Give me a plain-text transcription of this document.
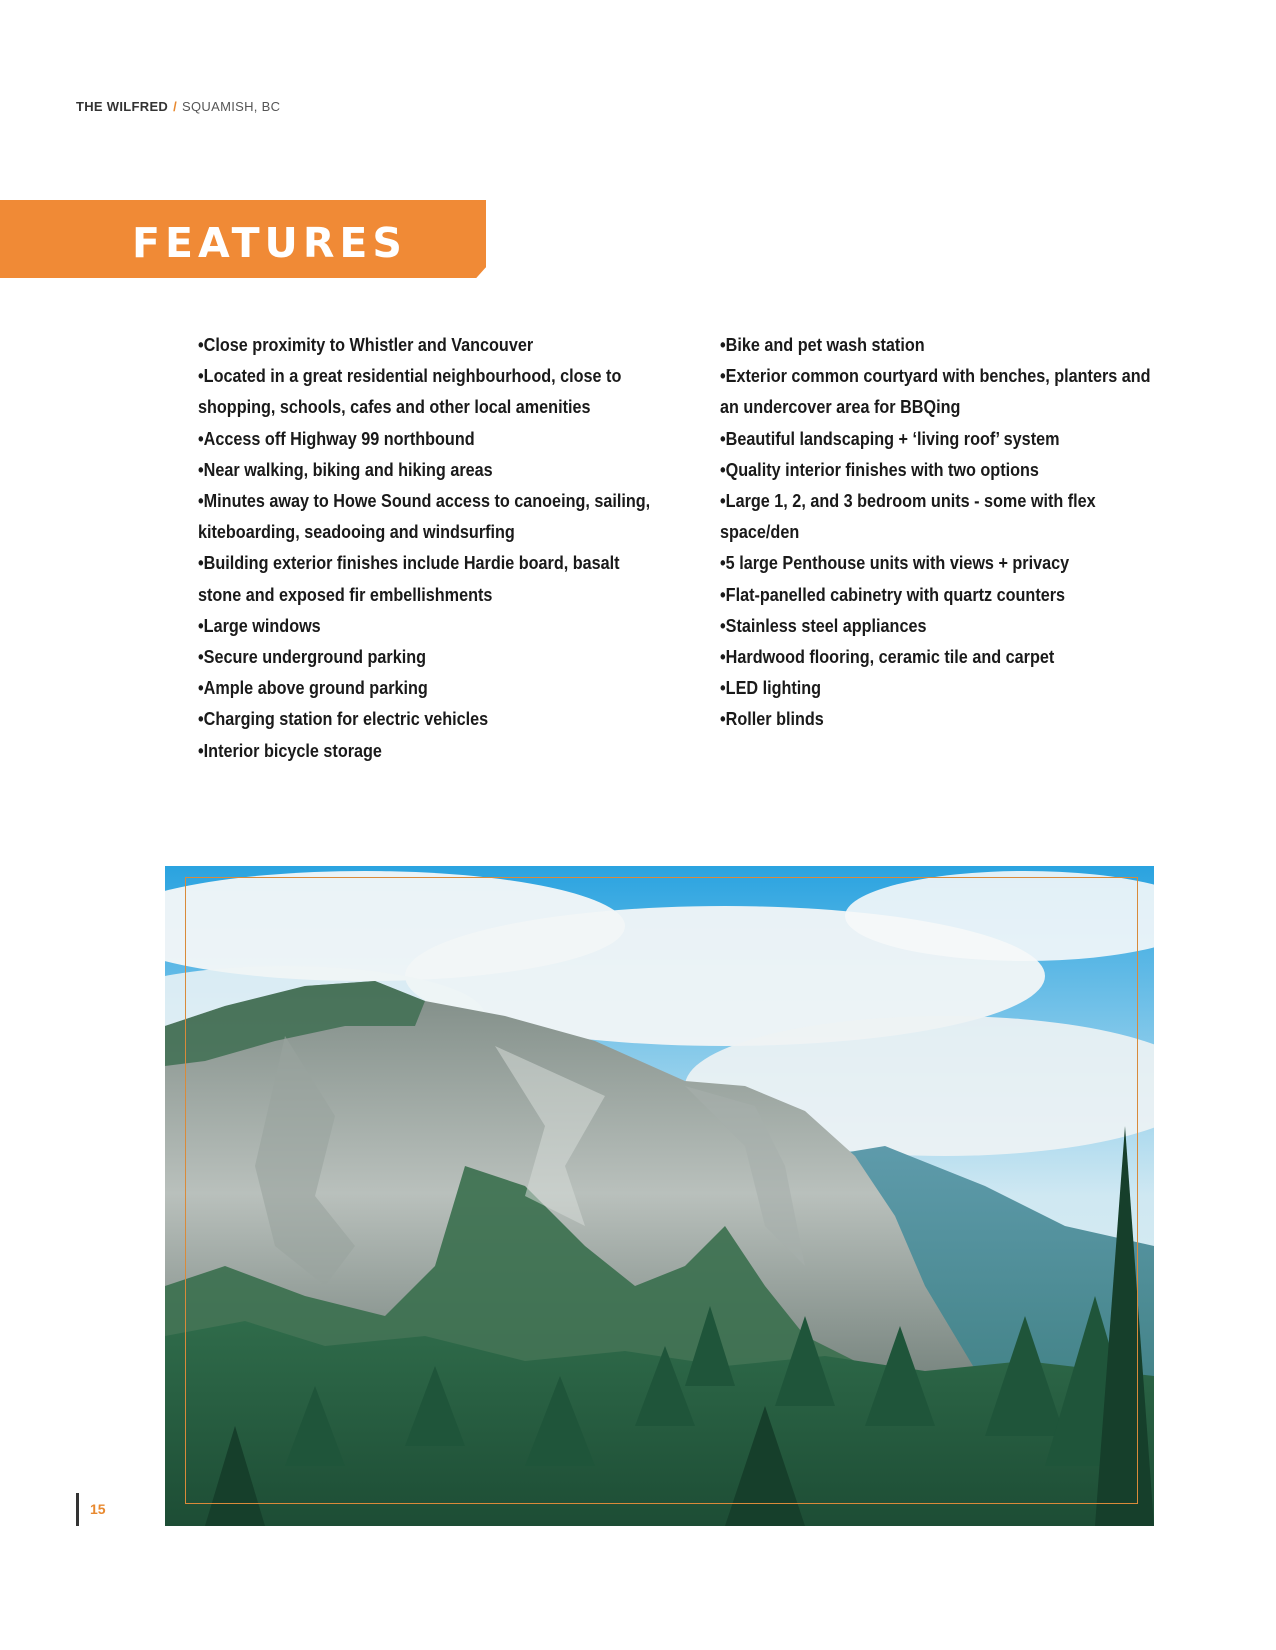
THE WILFRED / SQUAMISH, BC
FEATURES
• Close proximity to Whistler and Vancouver
• Located in a great residential neighbourhood, close to shopping, schools, cafes and other local amenities
• Access off Highway 99 northbound
• Near walking, biking and hiking areas
• Minutes away to Howe Sound access to canoeing, sailing, kiteboarding, seadooing and windsurfing
• Building exterior finishes include Hardie board, basalt stone and exposed fir embellishments
• Large windows
• Secure underground parking
• Ample above ground parking
• Charging station for electric vehicles
• Interior bicycle storage
• Bike and pet wash station
• Exterior common courtyard with benches, planters and an undercover area for BBQing
• Beautiful landscaping + ‘living roof’ system
• Quality interior finishes with two options
• Large 1, 2, and 3 bedroom units - some with flex space/den
• 5 large Penthouse units with views + privacy
• Flat-panelled cabinetry with quartz counters
• Stainless steel appliances
• Hardwood flooring, ceramic tile and carpet
• LED lighting
• Roller blinds
15
